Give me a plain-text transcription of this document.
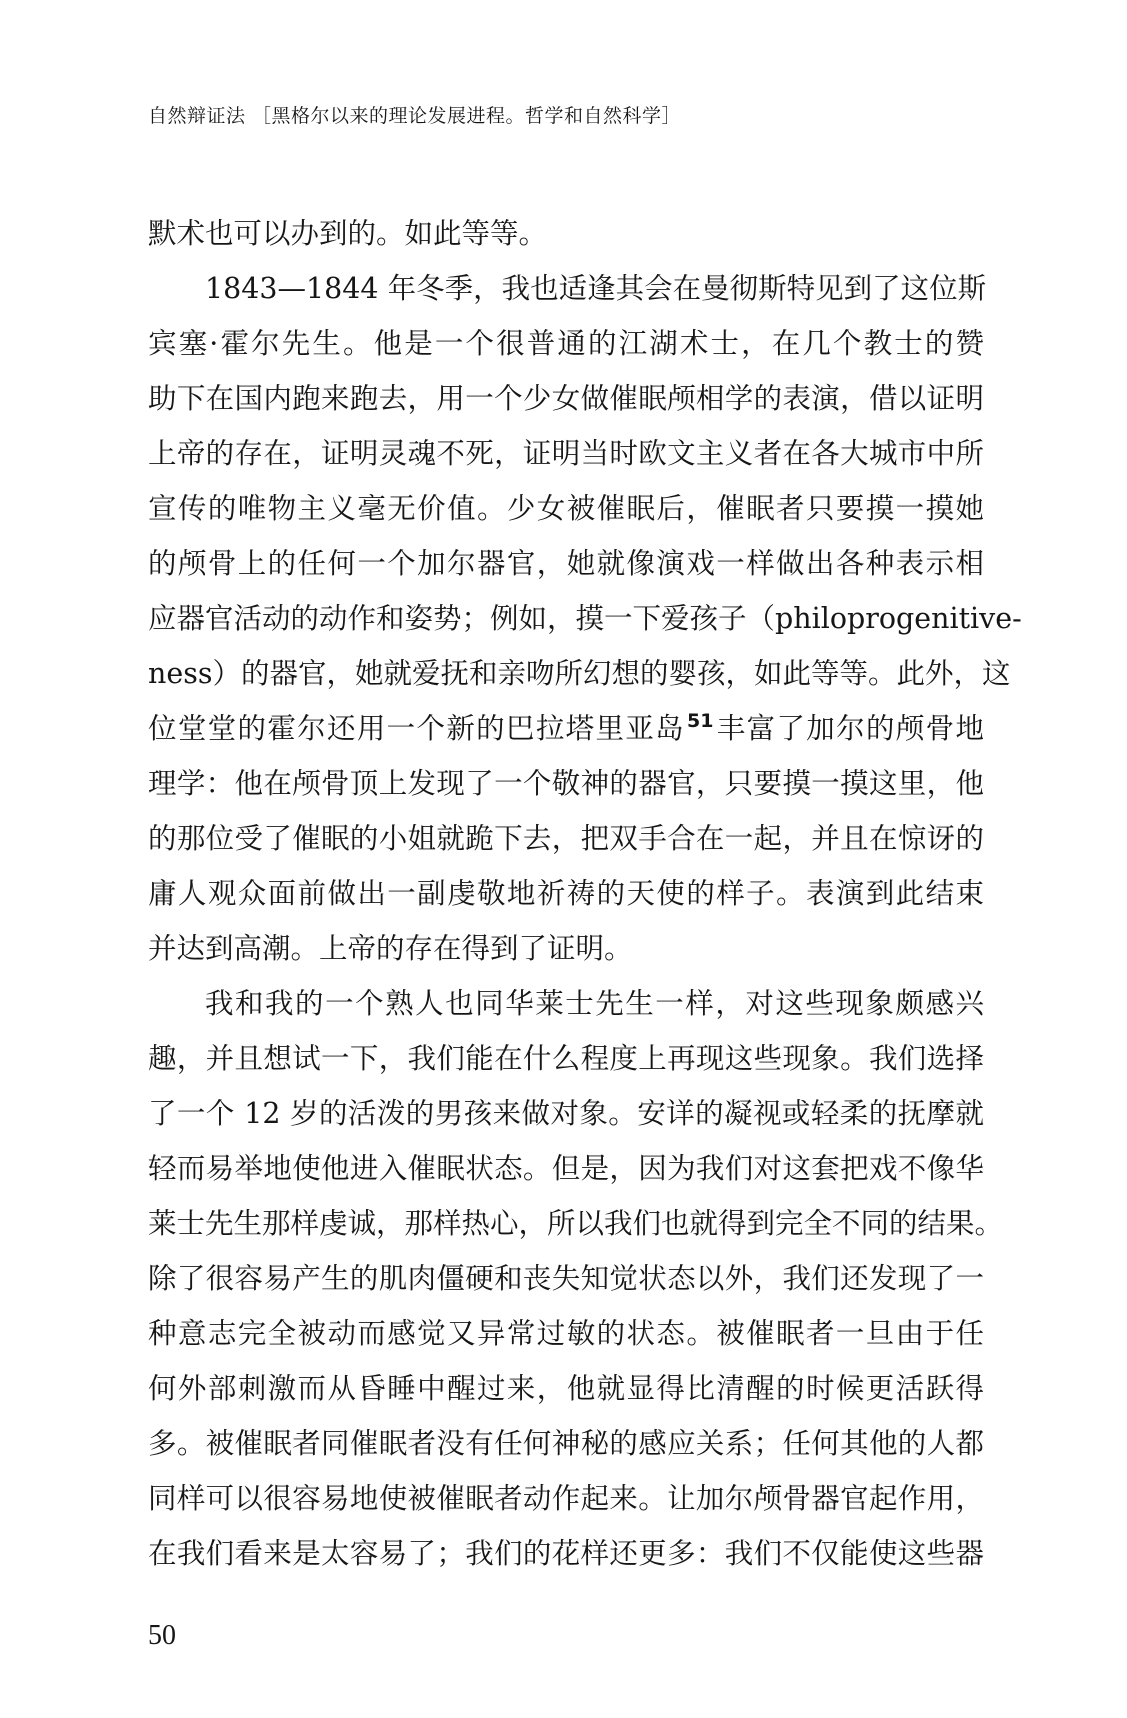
自然辩证法 ［黑格尔以来的理论发展进程。哲学和自然科学］
默术也可以办到的。如此等等。
1843—1844 年冬季，我也适逢其会在曼彻斯特见到了这位斯
宾塞·霍尔先生。他是一个很普通的江湖术士，在几个教士的赞
助下在国内跑来跑去，用一个少女做催眠颅相学的表演，借以证明
上帝的存在，证明灵魂不死，证明当时欧文主义者在各大城市中所
宣传的唯物主义毫无价值。少女被催眠后，催眠者只要摸一摸她
的颅骨上的任何一个加尔器官，她就像演戏一样做出各种表示相
应器官活动的动作和姿势；例如，摸一下爱孩子（philoprogenitive-
ness）的器官，她就爱抚和亲吻所幻想的婴孩，如此等等。此外，这
位堂堂的霍尔还用一个新的巴拉塔里亚岛 $^{51}$丰富了加尔的颅骨地
理学：他在颅骨顶上发现了一个敬神的器官，只要摸一摸这里，他
的那位受了催眠的小姐就跪下去，把双手合在一起，并且在惊讶的
庸人观众面前做出一副虔敬地祈祷的天使的样子。表演到此结束
并达到高潮。上帝的存在得到了证明。
我和我的一个熟人也同华莱士先生一样，对这些现象颇感兴
趣，并且想试一下，我们能在什么程度上再现这些现象。我们选择
了一个 12 岁的活泼的男孩来做对象。安详的凝视或轻柔的抚摩就
轻而易举地使他进入催眠状态。但是，因为我们对这套把戏不像华
莱士先生那样虔诚，那样热心，所以我们也就得到完全不同的结果。
除了很容易产生的肌肉僵硬和丧失知觉状态以外，我们还发现了一
种意志完全被动而感觉又异常过敏的状态。被催眠者一旦由于任
何外部刺激而从昏睡中醒过来，他就显得比清醒的时候更活跃得
多。被催眠者同催眠者没有任何神秘的感应关系；任何其他的人都
同样可以很容易地使被催眠者动作起来。让加尔颅骨器官起作用，
在我们看来是太容易了；我们的花样还更多：我们不仅能使这些器
50
